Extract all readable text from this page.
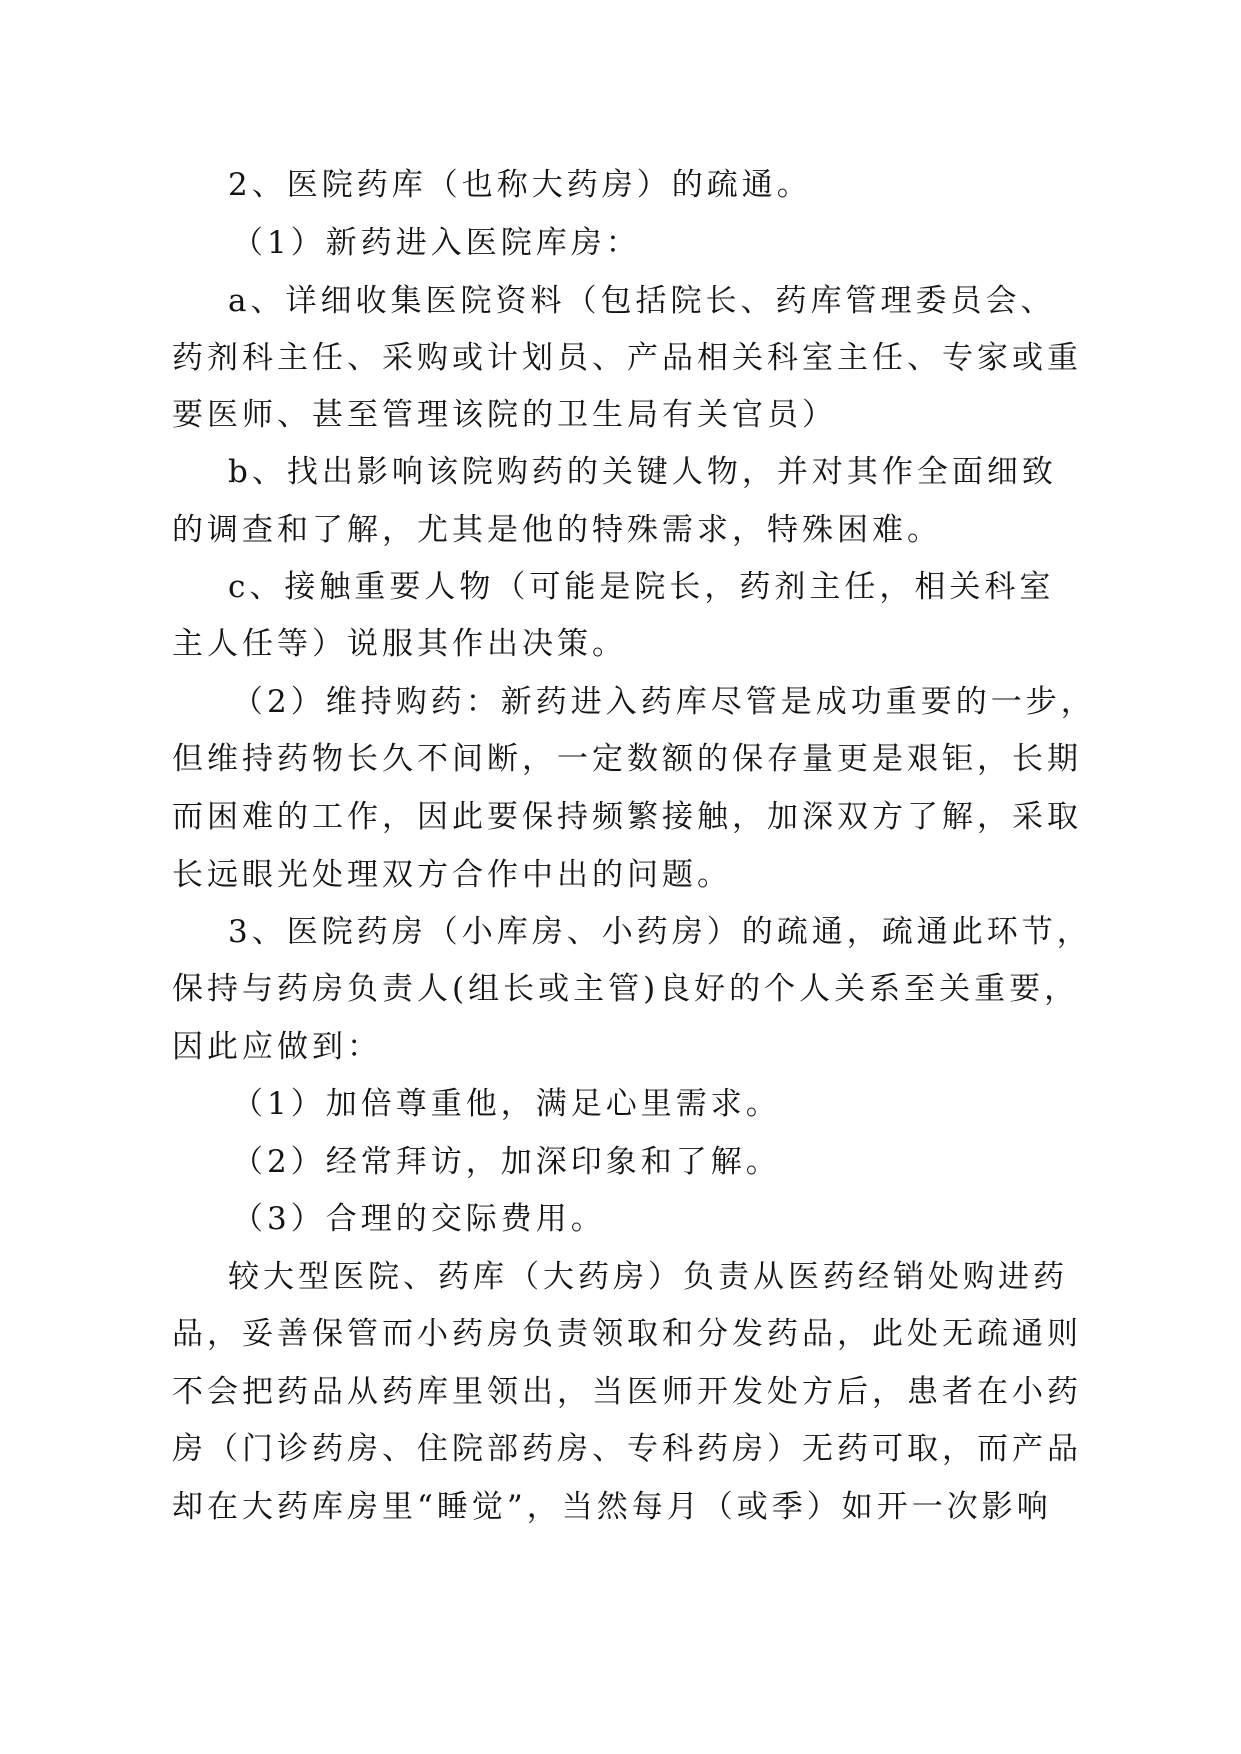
2、医院药库（也称大药房）的疏通。
（1）新药进入医院库房：
a、详细收集医院资料（包括院长、药库管理委员会、
药剂科主任、采购或计划员、产品相关科室主任、专家或重
要医师、甚至管理该院的卫生局有关官员）
b、找出影响该院购药的关键人物，并对其作全面细致
的调查和了解，尤其是他的特殊需求，特殊困难。
c、接触重要人物（可能是院长，药剂主任，相关科室
主人任等）说服其作出决策。
（2）维持购药：新药进入药库尽管是成功重要的一步，
但维持药物长久不间断，一定数额的保存量更是艰钜，长期
而困难的工作，因此要保持频繁接触，加深双方了解，采取
长远眼光处理双方合作中出的问题。
3、医院药房（小库房、小药房）的疏通，疏通此环节，
保持与药房负责人(组长或主管)良好的个人关系至关重要，
因此应做到：
（1）加倍尊重他，满足心里需求。
（2）经常拜访，加深印象和了解。
（3）合理的交际费用。
较大型医院、药库（大药房）负责从医药经销处购进药
品，妥善保管而小药房负责领取和分发药品，此处无疏通则
不会把药品从药库里领出，当医师开发处方后，患者在小药
房（门诊药房、住院部药房、专科药房）无药可取，而产品
却在大药库房里“睡觉”，当然每月（或季）如开一次影响
